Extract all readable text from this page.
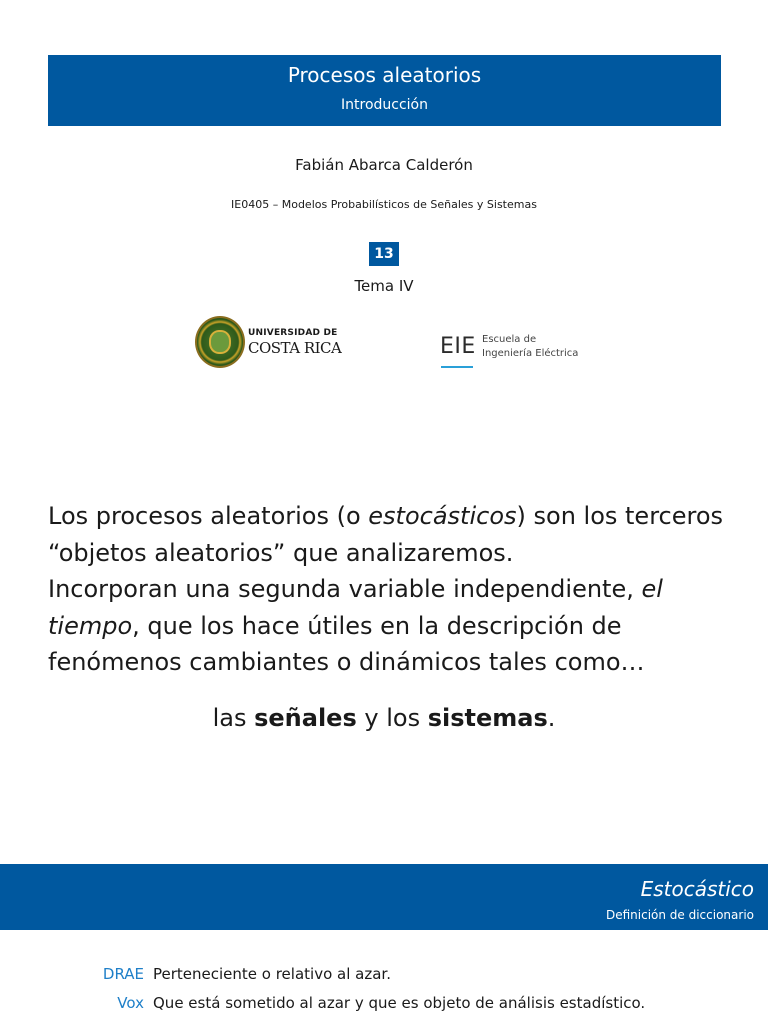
Procesos aleatorios
Introducción
Fabián Abarca Calderón
IE0405 – Modelos Probabilísticos de Señales y Sistemas
13
Tema IV
UNIVERSIDAD DE
COSTA RICA	EIE Escuela de
Ingeniería Eléctrica
Los procesos aleatorios (o estocásticos) son los terceros “objetos aleatorios” que analizaremos.
Incorporan una segunda variable independiente, el tiempo, que los hace útiles en la descripción de fenómenos cambiantes o dinámicos tales como…
las señales y los sistemas.
Estocástico
Definición de diccionario
DRAE Perteneciente o relativo al azar.
Vox Que está sometido al azar y que es objeto de análisis estadístico.
